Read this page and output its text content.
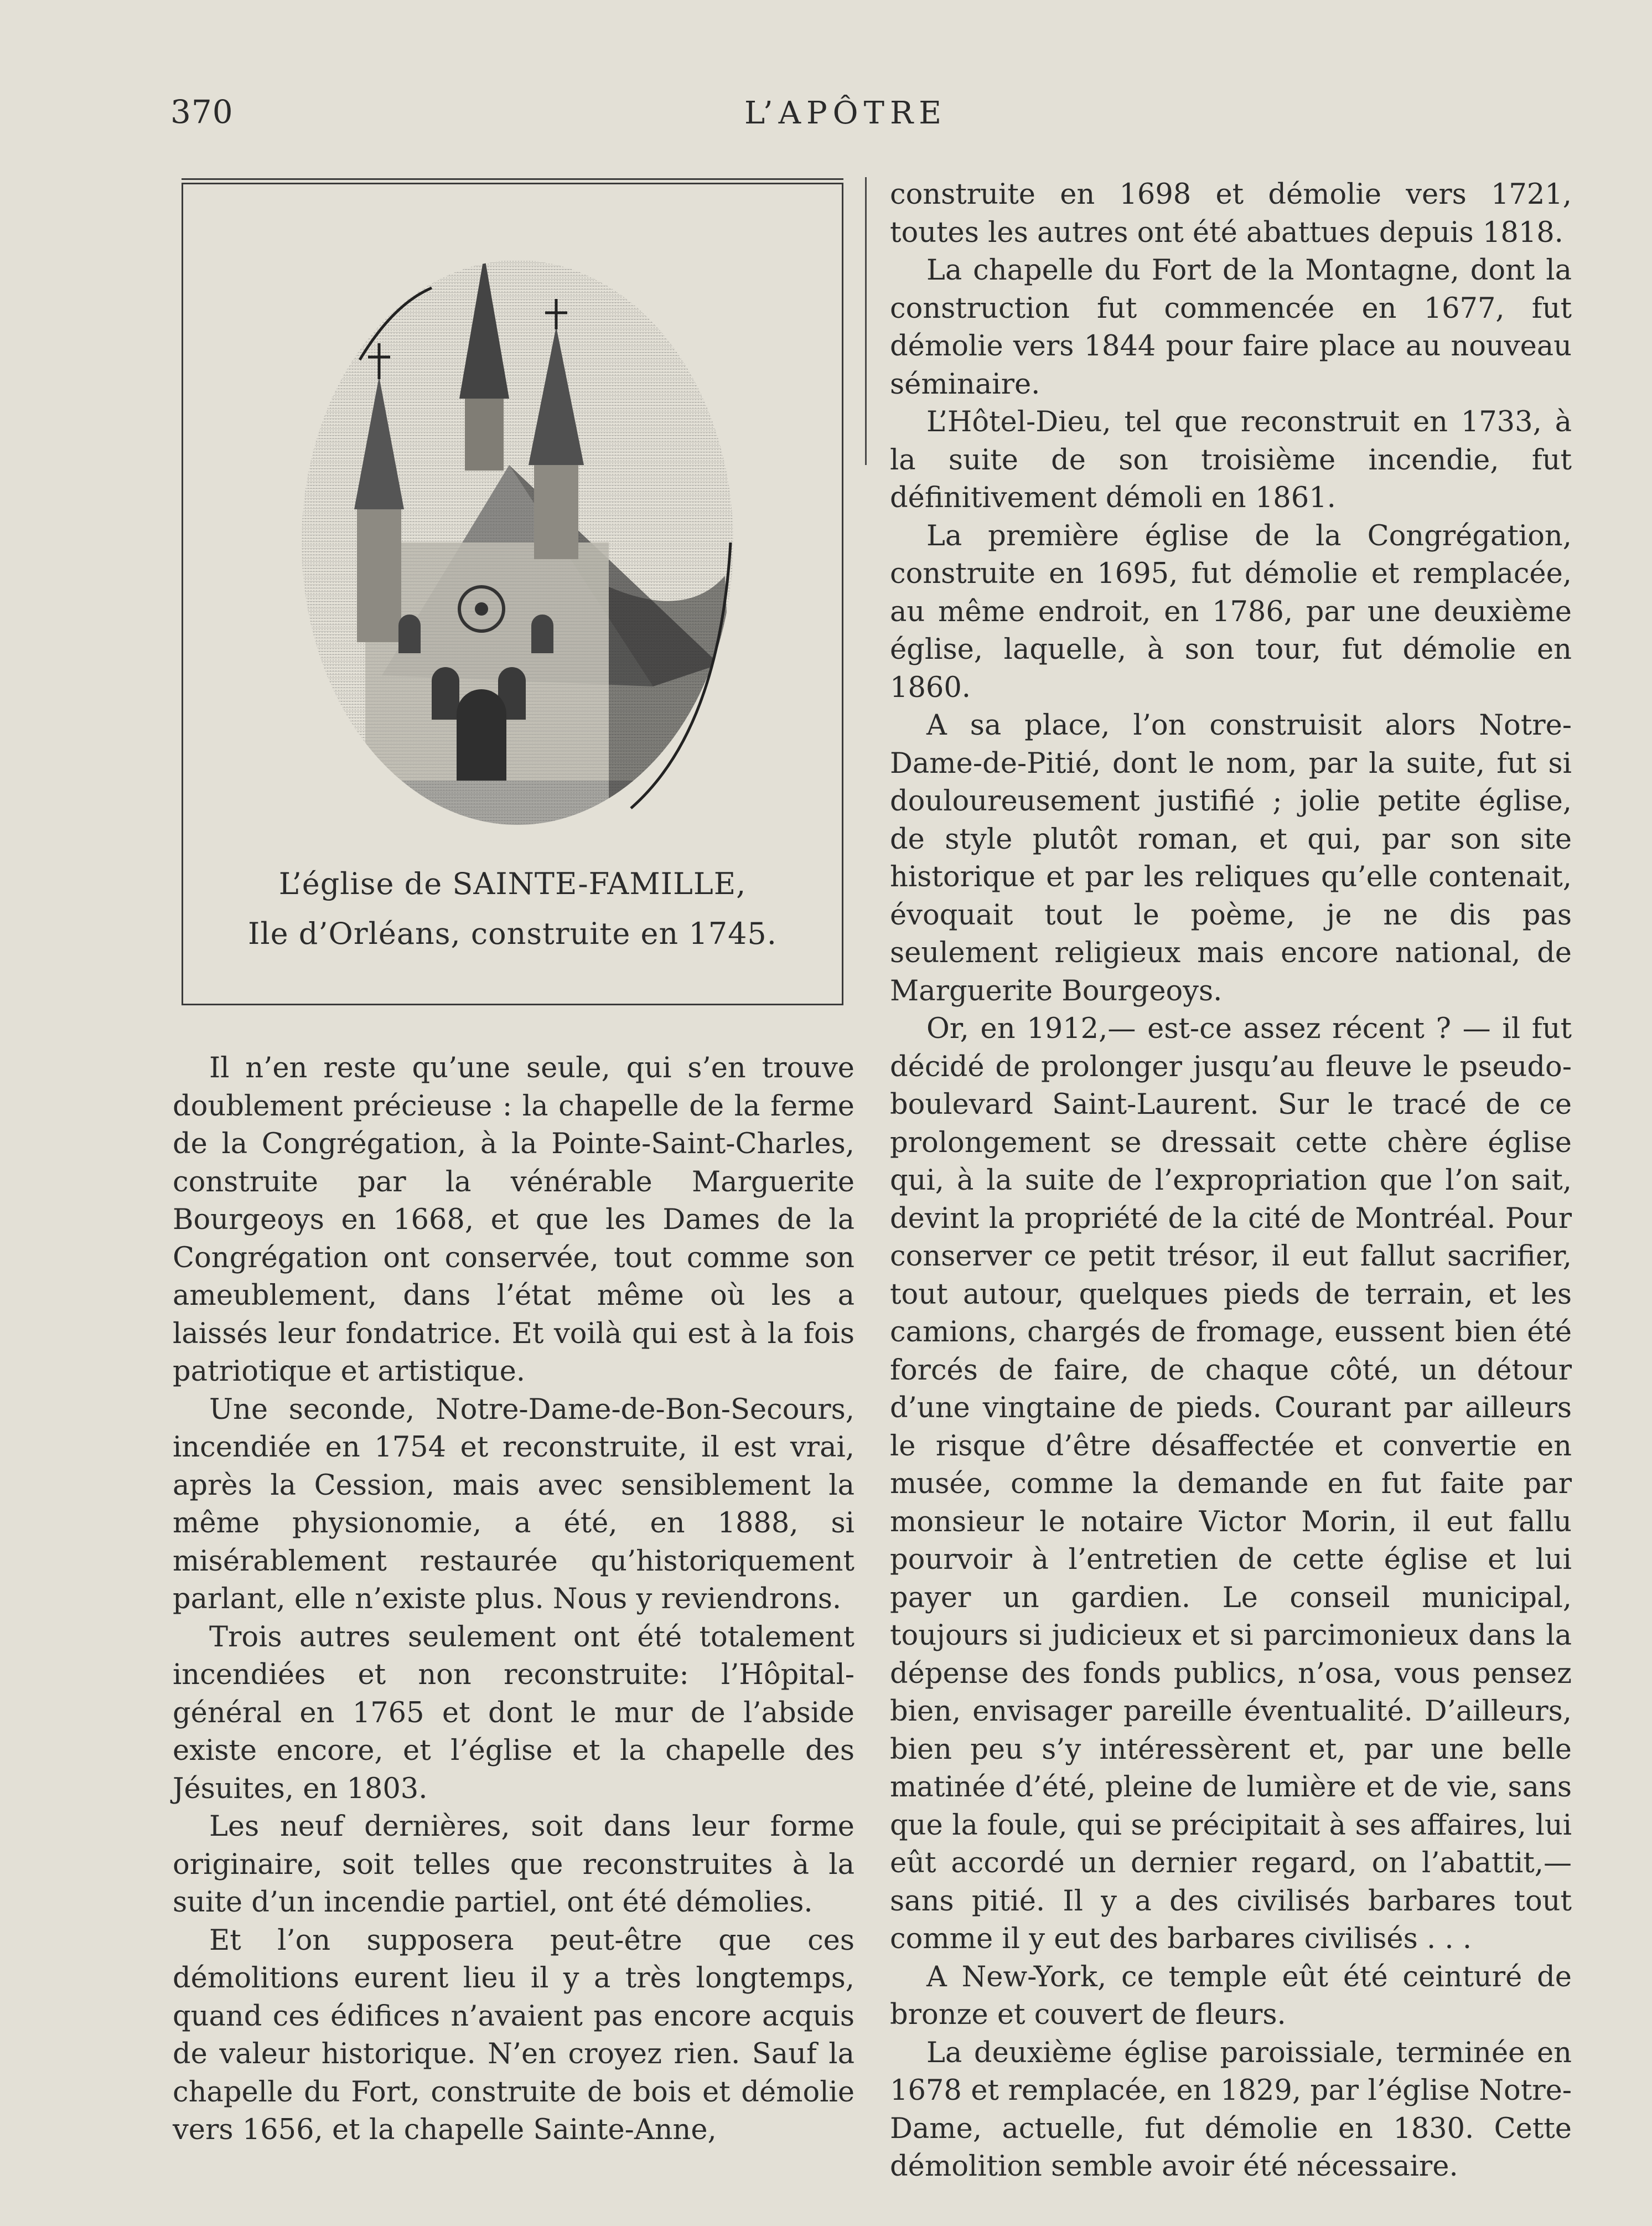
370	L’APÔTRE
L’église de SAINTE-FAMILLE,
Ile d’Orléans, construite en 1745.

Il n’en reste qu’une seule, qui s’en trouve doublement précieuse : la chapelle de la ferme de la Congrégation, à la Pointe-Saint-Charles, construite par la vénérable Marguerite Bourgeoys en 1668, et que les Dames de la Congrégation ont conservée, tout comme son ameublement, dans l’état même où les a laissés leur fondatrice. Et voilà qui est à la fois patriotique et artistique.

Une seconde, Notre-Dame-de-Bon-Secours, incendiée en 1754 et reconstruite, il est vrai, après la Cession, mais avec sensiblement la même physionomie, a été, en 1888, si misérablement restaurée qu’historiquement parlant, elle n’existe plus. Nous y reviendrons.

Trois autres seulement ont été totalement incendiées et non reconstruite: l’Hôpital-général en 1765 et dont le mur de l’abside existe encore, et l’église et la chapelle des Jésuites, en 1803.

Les neuf dernières, soit dans leur forme originaire, soit telles que reconstruites à la suite d’un incendie partiel, ont été démolies.

Et l’on supposera peut-être que ces démolitions eurent lieu il y a très longtemps, quand ces édifices n’avaient pas encore acquis de valeur historique. N’en croyez rien. Sauf la chapelle du Fort, construite de bois et démolie vers 1656, et la chapelle Sainte-Anne,

construite en 1698 et démolie vers 1721, toutes les autres ont été abattues depuis 1818.

La chapelle du Fort de la Montagne, dont la construction fut commencée en 1677, fut démolie vers 1844 pour faire place au nouveau séminaire.

L’Hôtel-Dieu, tel que reconstruit en 1733, à la suite de son troisième incendie, fut définitivement démoli en 1861.

La première église de la Congrégation, construite en 1695, fut démolie et remplacée, au même endroit, en 1786, par une deuxième église, laquelle, à son tour, fut démolie en 1860.

A sa place, l’on construisit alors Notre-Dame-de-Pitié, dont le nom, par la suite, fut si douloureusement justifié ; jolie petite église, de style plutôt roman, et qui, par son site historique et par les reliques qu’elle contenait, évoquait tout le poème, je ne dis pas seulement religieux mais encore national, de Marguerite Bourgeoys.

Or, en 1912,— est-ce assez récent ? — il fut décidé de prolonger jusqu’au fleuve le pseudo-boulevard Saint-Laurent. Sur le tracé de ce prolongement se dressait cette chère église qui, à la suite de l’expropriation que l’on sait, devint la propriété de la cité de Montréal. Pour conserver ce petit trésor, il eut fallut sacrifier, tout autour, quelques pieds de terrain, et les camions, chargés de fromage, eussent bien été forcés de faire, de chaque côté, un détour d’une vingtaine de pieds. Courant par ailleurs le risque d’être désaffectée et convertie en musée, comme la demande en fut faite par monsieur le notaire Victor Morin, il eut fallu pourvoir à l’entretien de cette église et lui payer un gardien. Le conseil municipal, toujours si judicieux et si parcimonieux dans la dépense des fonds publics, n’osa, vous pensez bien, envisager pareille éventualité. D’ailleurs, bien peu s’y intéressèrent et, par une belle matinée d’été, pleine de lumière et de vie, sans que la foule, qui se précipitait à ses affaires, lui eût accordé un dernier regard, on l’abattit,— sans pitié. Il y a des civilisés barbares tout comme il y eut des barbares civilisés . . .

A New-York, ce temple eût été ceinturé de bronze et couvert de fleurs.

La deuxième église paroissiale, terminée en 1678 et remplacée, en 1829, par l’église Notre-Dame, actuelle, fut démolie en 1830. Cette démolition semble avoir été nécessaire.
